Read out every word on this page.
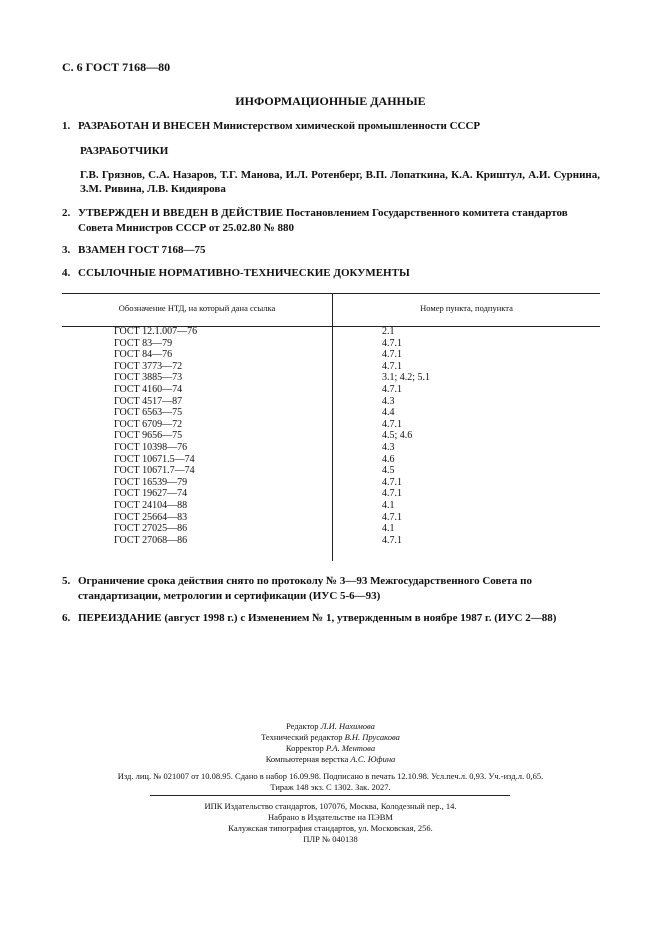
С. 6 ГОСТ 7168—80
ИНФОРМАЦИОННЫЕ ДАННЫЕ
1. РАЗРАБОТАН И ВНЕСЕН Министерством химической промышленности СССР
РАЗРАБОТЧИКИ
Г.В. Грязнов, С.А. Назаров, Т.Г. Манова, И.Л. Ротенберг, В.П. Лопаткина, К.А. Криштул, А.И. Сурнина, З.М. Ривина, Л.В. Кидиярова
2. УТВЕРЖДЕН И ВВЕДЕН В ДЕЙСТВИЕ Постановлением Государственного комитета стандартов Совета Министров СССР от 25.02.80 № 880
3. ВЗАМЕН ГОСТ 7168—75
4. ССЫЛОЧНЫЕ НОРМАТИВНО-ТЕХНИЧЕСКИЕ ДОКУМЕНТЫ
Обозначение НТД, на который дана ссылка	Номер пункта, подпункта
ГОСТ 12.1.007—76
ГОСТ 83—79
ГОСТ 84—76
ГОСТ 3773—72
ГОСТ 3885—73
ГОСТ 4160—74
ГОСТ 4517—87
ГОСТ 6563—75
ГОСТ 6709—72
ГОСТ 9656—75
ГОСТ 10398—76
ГОСТ 10671.5—74
ГОСТ 10671.7—74
ГОСТ 16539—79
ГОСТ 19627—74
ГОСТ 24104—88
ГОСТ 25664—83
ГОСТ 27025—86
ГОСТ 27068—86
2.1
4.7.1
4.7.1
4.7.1
3.1; 4.2; 5.1
4.7.1
4.3
4.4
4.7.1
4.5; 4.6
4.3
4.6
4.5
4.7.1
4.7.1
4.1
4.7.1
4.1
4.7.1
5. Ограничение срока действия снято по протоколу № 3—93 Межгосударственного Совета по стандартизации, метрологии и сертификации (ИУС 5-6—93)
6. ПЕРЕИЗДАНИЕ (август 1998 г.) с Изменением № 1, утвержденным в ноябре 1987 г. (ИУС 2—88)
Редактор Л.И. Нахимова
Технический редактор В.Н. Прусакова
Корректор Р.А. Ментова
Компьютерная верстка А.С. Юфина
Изд. лиц. № 021007 от 10.08.95. Сдано в набор 16.09.98. Подписано в печать 12.10.98. Усл.печ.л. 0,93. Уч.-изд.л. 0,65.
Тираж 148 экз. С 1302. Зак. 2027.
ИПК Издательство стандартов, 107076, Москва, Колодезный пер., 14.
Набрано в Издательстве на ПЭВМ
Калужская типография стандартов, ул. Московская, 256.
ПЛР № 040138
